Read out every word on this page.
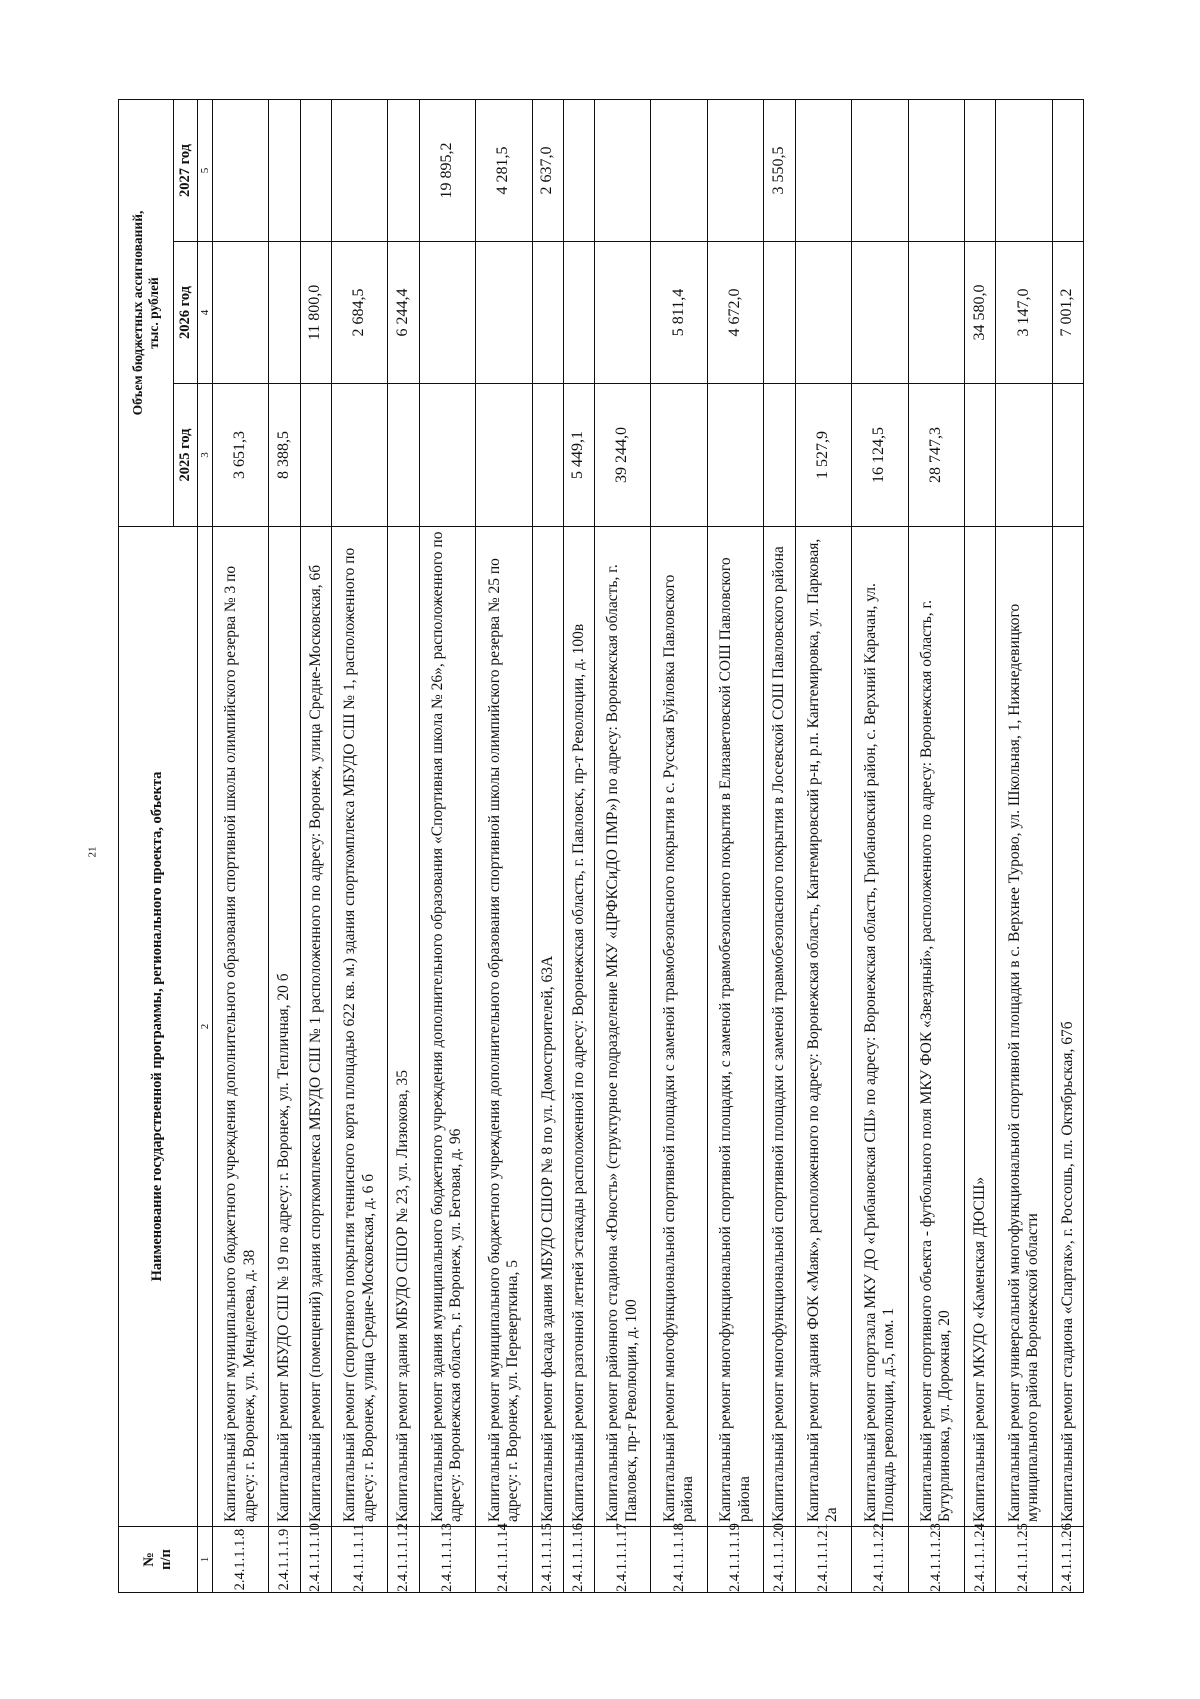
21
№
п/п	Наименование государственной программы, регионального проекта, объекта	Объем бюджетных ассигнований,
тыс. рублей		
		2025 год	2026 год	2027 год
1	2	3	4	5
2.4.1.1.1.8	Капитальный ремонт муниципального бюджетного учреждения дополнительного образования спортивной школы олимпийского резерва № 3 по адресу: г. Воронеж, ул. Менделеева, д. 38	3 651,3		
2.4.1.1.1.9	Капитальный ремонт МБУДО СШ № 19 по адресу: г. Воронеж, ул. Тепличная, 20 б	8 388,5		
2.4.1.1.1.10	Капитальный ремонт (помещений) здания спорткомплекса МБУДО СШ № 1 расположенного по адресу: Воронеж, улица Средне-Московская, 6б		11 800,0	
2.4.1.1.1.11	Капитальный ремонт (спортивного покрытия теннисного корта площадью 622 кв. м.) здания спорткомплекса МБУДО СШ № 1, расположенного по адресу: г. Воронеж, улица Средне-Московская, д. 6 б		2 684,5	
2.4.1.1.1.12	Капитальный ремонт здания МБУДО СШОР № 23, ул. Лизюкова, 35		6 244,4	
2.4.1.1.1.13	Капитальный ремонт здания муниципального бюджетного учреждения дополнительного образования «Спортивная школа № 26», расположенного по адресу: Воронежская область, г. Воронеж, ул. Беговая, д. 96			19 895,2
2.4.1.1.1.14	Капитальный ремонт муниципального бюджетного учреждения дополнительного образования спортивной школы олимпийского резерва № 25 по адресу: г. Воронеж, ул. Переверткина, 5			4 281,5
2.4.1.1.1.15	Капитальный ремонт фасада здания МБУДО СШОР № 8 по ул. Домостроителей, 63А			2 637,0
2.4.1.1.1.16	Капитальный ремонт разгонной летней эстакады расположенной по адресу: Воронежская область, г. Павловск, пр-т Революции, д. 100в	5 449,1		
2.4.1.1.1.17	Капитальный ремонт районного стадиона «Юность» (структурное подразделение МКУ «ЦРФКСиДО ПМР») по адресу: Воронежская область, г. Павловск, пр-т Революции, д. 100	39 244,0		
2.4.1.1.1.18	Капитальный ремонт многофункциональной спортивной площадки с заменой травмобезопасного покрытия в с. Русская Буйловка Павловского района		5 811,4	
2.4.1.1.1.19	Капитальный ремонт многофункциональной спортивной площадки, с заменой травмобезопасного покрытия в Елизаветовской СОШ Павловского района		4 672,0	
2.4.1.1.1.20	Капитальный ремонт многофункциональной спортивной площадки с заменой травмобезопасного покрытия в Лосевской СОШ Павловского района			3 550,5
2.4.1.1.1.21	Капитальный ремонт здания ФОК «Маяк», расположенного по адресу: Воронежская область, Кантемировский р-н, р.п. Кантемировка, ул. Парковая, 2а	1 527,9		
2.4.1.1.1.22	Капитальный ремонт спортзала МКУ ДО «Грибановская СШ» по адресу: Воронежская область, Грибановский район, с. Верхний Карачан, ул. Площадь революции, д.5, пом. 1	16 124,5		
2.4.1.1.1.23	Капитальный ремонт спортивного объекта - футбольного поля МКУ ФОК «Звездный», расположенного по адресу: Воронежская область, г. Бутурлиновка, ул. Дорожная, 20	28 747,3		
2.4.1.1.1.24	Капитальный ремонт МКУДО «Каменская ДЮСШ»		34 580,0	
2.4.1.1.1.25	Капитальный ремонт универсальной многофункциональной спортивной площадки в с. Верхнее Турово, ул. Школьная, 1, Нижнедевицкого муниципального района Воронежской области		3 147,0	
2.4.1.1.1.26	Капитальный ремонт стадиона «Спартак», г. Россошь, пл. Октябрьская, 67б		7 001,2	
